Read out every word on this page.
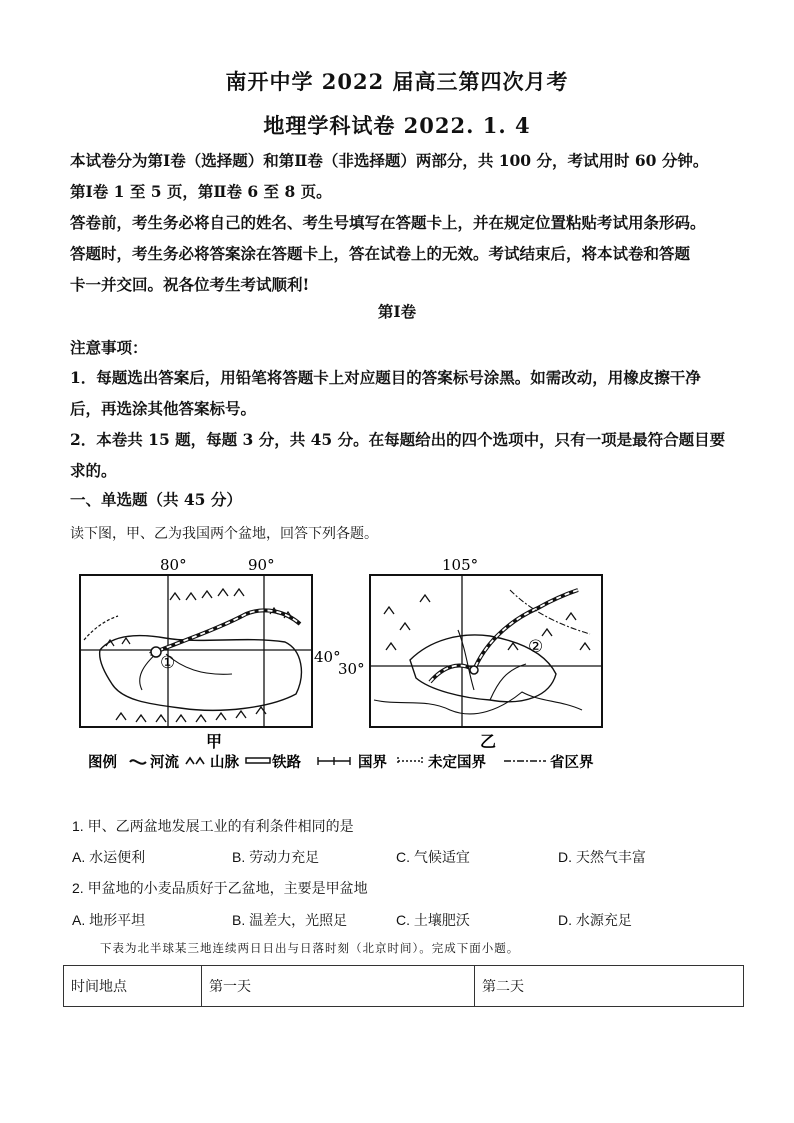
南开中学 2022 届高三第四次月考
地理学科试卷 2022. 1. 4
本试卷分为第Ⅰ卷（选择题）和第Ⅱ卷（非选择题）两部分，共 100 分，考试用时 60 分钟。
第Ⅰ卷 1 至 5 页，第Ⅱ卷 6 至 8 页。
答卷前，考生务必将自己的姓名、考生号填写在答题卡上，并在规定位置粘贴考试用条形码。
答题时，考生务必将答案涂在答题卡上，答在试卷上的无效。考试结束后，将本试卷和答题
卡一并交回。祝各位考生考试顺利!
第Ⅰ卷
注意事项：
1．每题选出答案后，用铅笔将答题卡上对应题目的答案标号涂黑。如需改动，用橡皮擦干净
后，再选涂其他答案标号。
2．本卷共 15 题，每题 3 分，共 45 分。在每题给出的四个选项中，只有一项是最符合题目要
求的。
一、单选题（共 45 分）
读下图，甲、乙为我国两个盆地，回答下列各题。
80°	90°
40°
①
甲
105°
30°
②
乙
图例 河流 山脉 铁路	国界	未定国界	省区界
1. 甲、乙两盆地发展工业的有利条件相同的是
A. 水运便利	B. 劳动力充足	C. 气候适宜	D. 天然气丰富
2. 甲盆地的小麦品质好于乙盆地，主要是甲盆地
A. 地形平坦	B. 温差大，光照足	C. 土壤肥沃	D. 水源充足
下表为北半球某三地连续两日日出与日落时刻（北京时间）。完成下面小题。
时间地点	第一天	第二天
